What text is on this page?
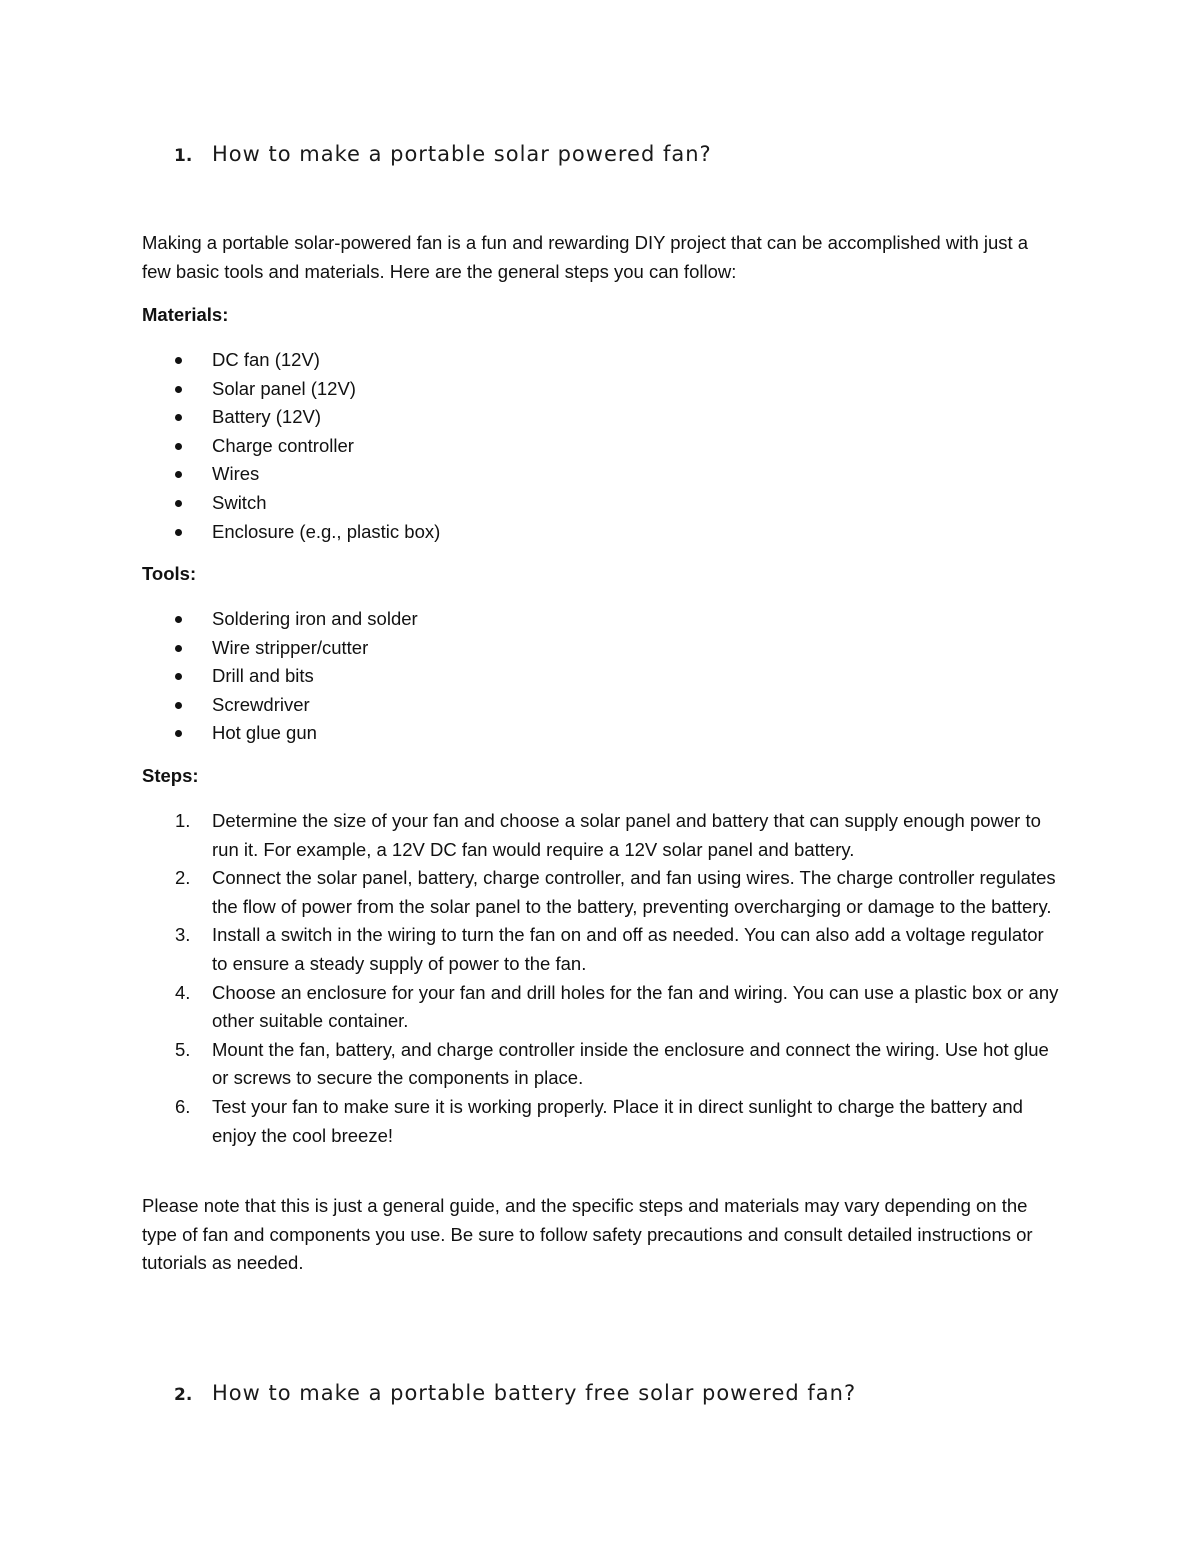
1. How to make a portable solar powered fan?
Making a portable solar-powered fan is a fun and rewarding DIY project that can be accomplished with just a few basic tools and materials. Here are the general steps you can follow:
Materials:
DC fan (12V)
Solar panel (12V)
Battery (12V)
Charge controller
Wires
Switch
Enclosure (e.g., plastic box)
Tools:
Soldering iron and solder
Wire stripper/cutter
Drill and bits
Screwdriver
Hot glue gun
Steps:
1. Determine the size of your fan and choose a solar panel and battery that can supply enough power to run it. For example, a 12V DC fan would require a 12V solar panel and battery.
2. Connect the solar panel, battery, charge controller, and fan using wires. The charge controller regulates the flow of power from the solar panel to the battery, preventing overcharging or damage to the battery.
3. Install a switch in the wiring to turn the fan on and off as needed. You can also add a voltage regulator to ensure a steady supply of power to the fan.
4. Choose an enclosure for your fan and drill holes for the fan and wiring. You can use a plastic box or any other suitable container.
5. Mount the fan, battery, and charge controller inside the enclosure and connect the wiring. Use hot glue or screws to secure the components in place.
6. Test your fan to make sure it is working properly. Place it in direct sunlight to charge the battery and enjoy the cool breeze!
Please note that this is just a general guide, and the specific steps and materials may vary depending on the type of fan and components you use. Be sure to follow safety precautions and consult detailed instructions or tutorials as needed.
2. How to make a portable battery free solar powered fan?
